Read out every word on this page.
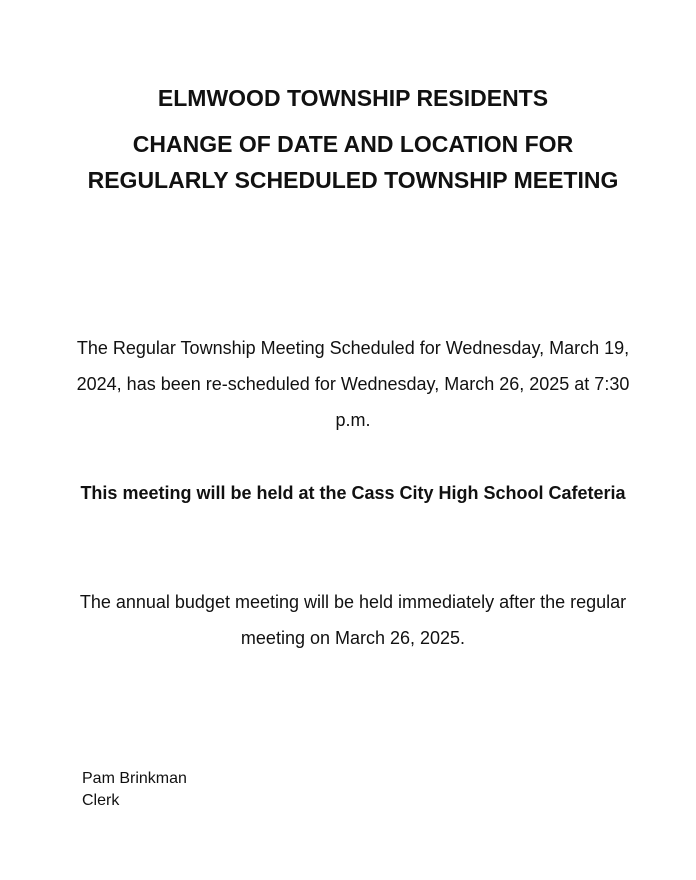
ELMWOOD TOWNSHIP RESIDENTS
CHANGE OF DATE AND LOCATION FOR REGULARLY SCHEDULED TOWNSHIP MEETING

The Regular Township Meeting Scheduled for Wednesday, March 19, 2024, has been re-scheduled for Wednesday, March 26, 2025 at 7:30 p.m.

This meeting will be held at the Cass City High School Cafeteria

The annual budget meeting will be held immediately after the regular meeting on March 26, 2025.

Pam Brinkman
Clerk
